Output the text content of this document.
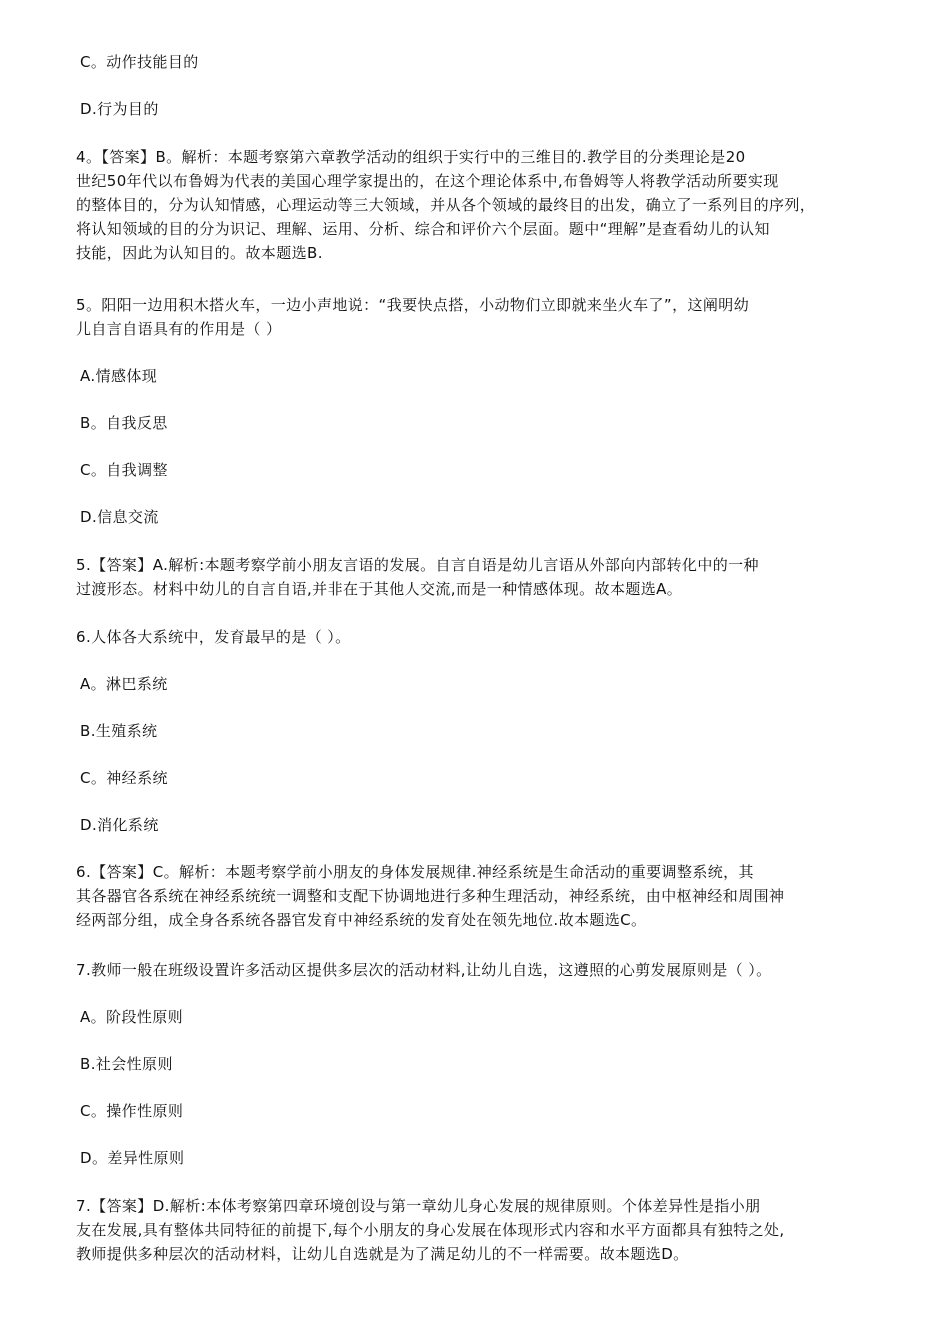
C。动作技能目的
D.行为目的
4。【答案】B。解析：本题考察第六章教学活动的组织于实行中的三维目的.教学目的分类理论是20
世纪50年代以布鲁姆为代表的美国心理学家提出的，在这个理论体系中,布鲁姆等人将教学活动所要实现
的整体目的，分为认知情感，心理运动等三大领域，并从各个领域的最终目的出发，确立了一系列目的序列，
将认知领域的目的分为识记、理解、运用、分析、综合和评价六个层面。题中“理解”是查看幼儿的认知
技能，因此为认知目的。故本题选B.
5。阳阳一边用积木搭火车，一边小声地说：“我要快点搭，小动物们立即就来坐火车了”，这阐明幼
儿自言自语具有的作用是（ ）
A.情感体现
B。自我反思
C。自我调整
D.信息交流
5.【答案】A.解析:本题考察学前小朋友言语的发展。自言自语是幼儿言语从外部向内部转化中的一种
过渡形态。材料中幼儿的自言自语,并非在于其他人交流,而是一种情感体现。故本题选A。
6.人体各大系统中，发育最早的是（ ）。
A。淋巴系统
B.生殖系统
C。神经系统
D.消化系统
6.【答案】C。解析：本题考察学前小朋友的身体发展规律.神经系统是生命活动的重要调整系统，其
其各器官各系统在神经系统统一调整和支配下协调地进行多种生理活动，神经系统，由中枢神经和周围神
经两部分组，成全身各系统各器官发育中神经系统的发育处在领先地位.故本题选C。
7.教师一般在班级设置许多活动区提供多层次的活动材料,让幼儿自选，这遵照的心剪发展原则是（ ）。
A。阶段性原则
B.社会性原则
C。操作性原则
D。差异性原则
7.【答案】D.解析:本体考察第四章环境创设与第一章幼儿身心发展的规律原则。个体差异性是指小朋
友在发展,具有整体共同特征的前提下,每个小朋友的身心发展在体现形式内容和水平方面都具有独特之处,
教师提供多种层次的活动材料，让幼儿自选就是为了满足幼儿的不一样需要。故本题选D。
